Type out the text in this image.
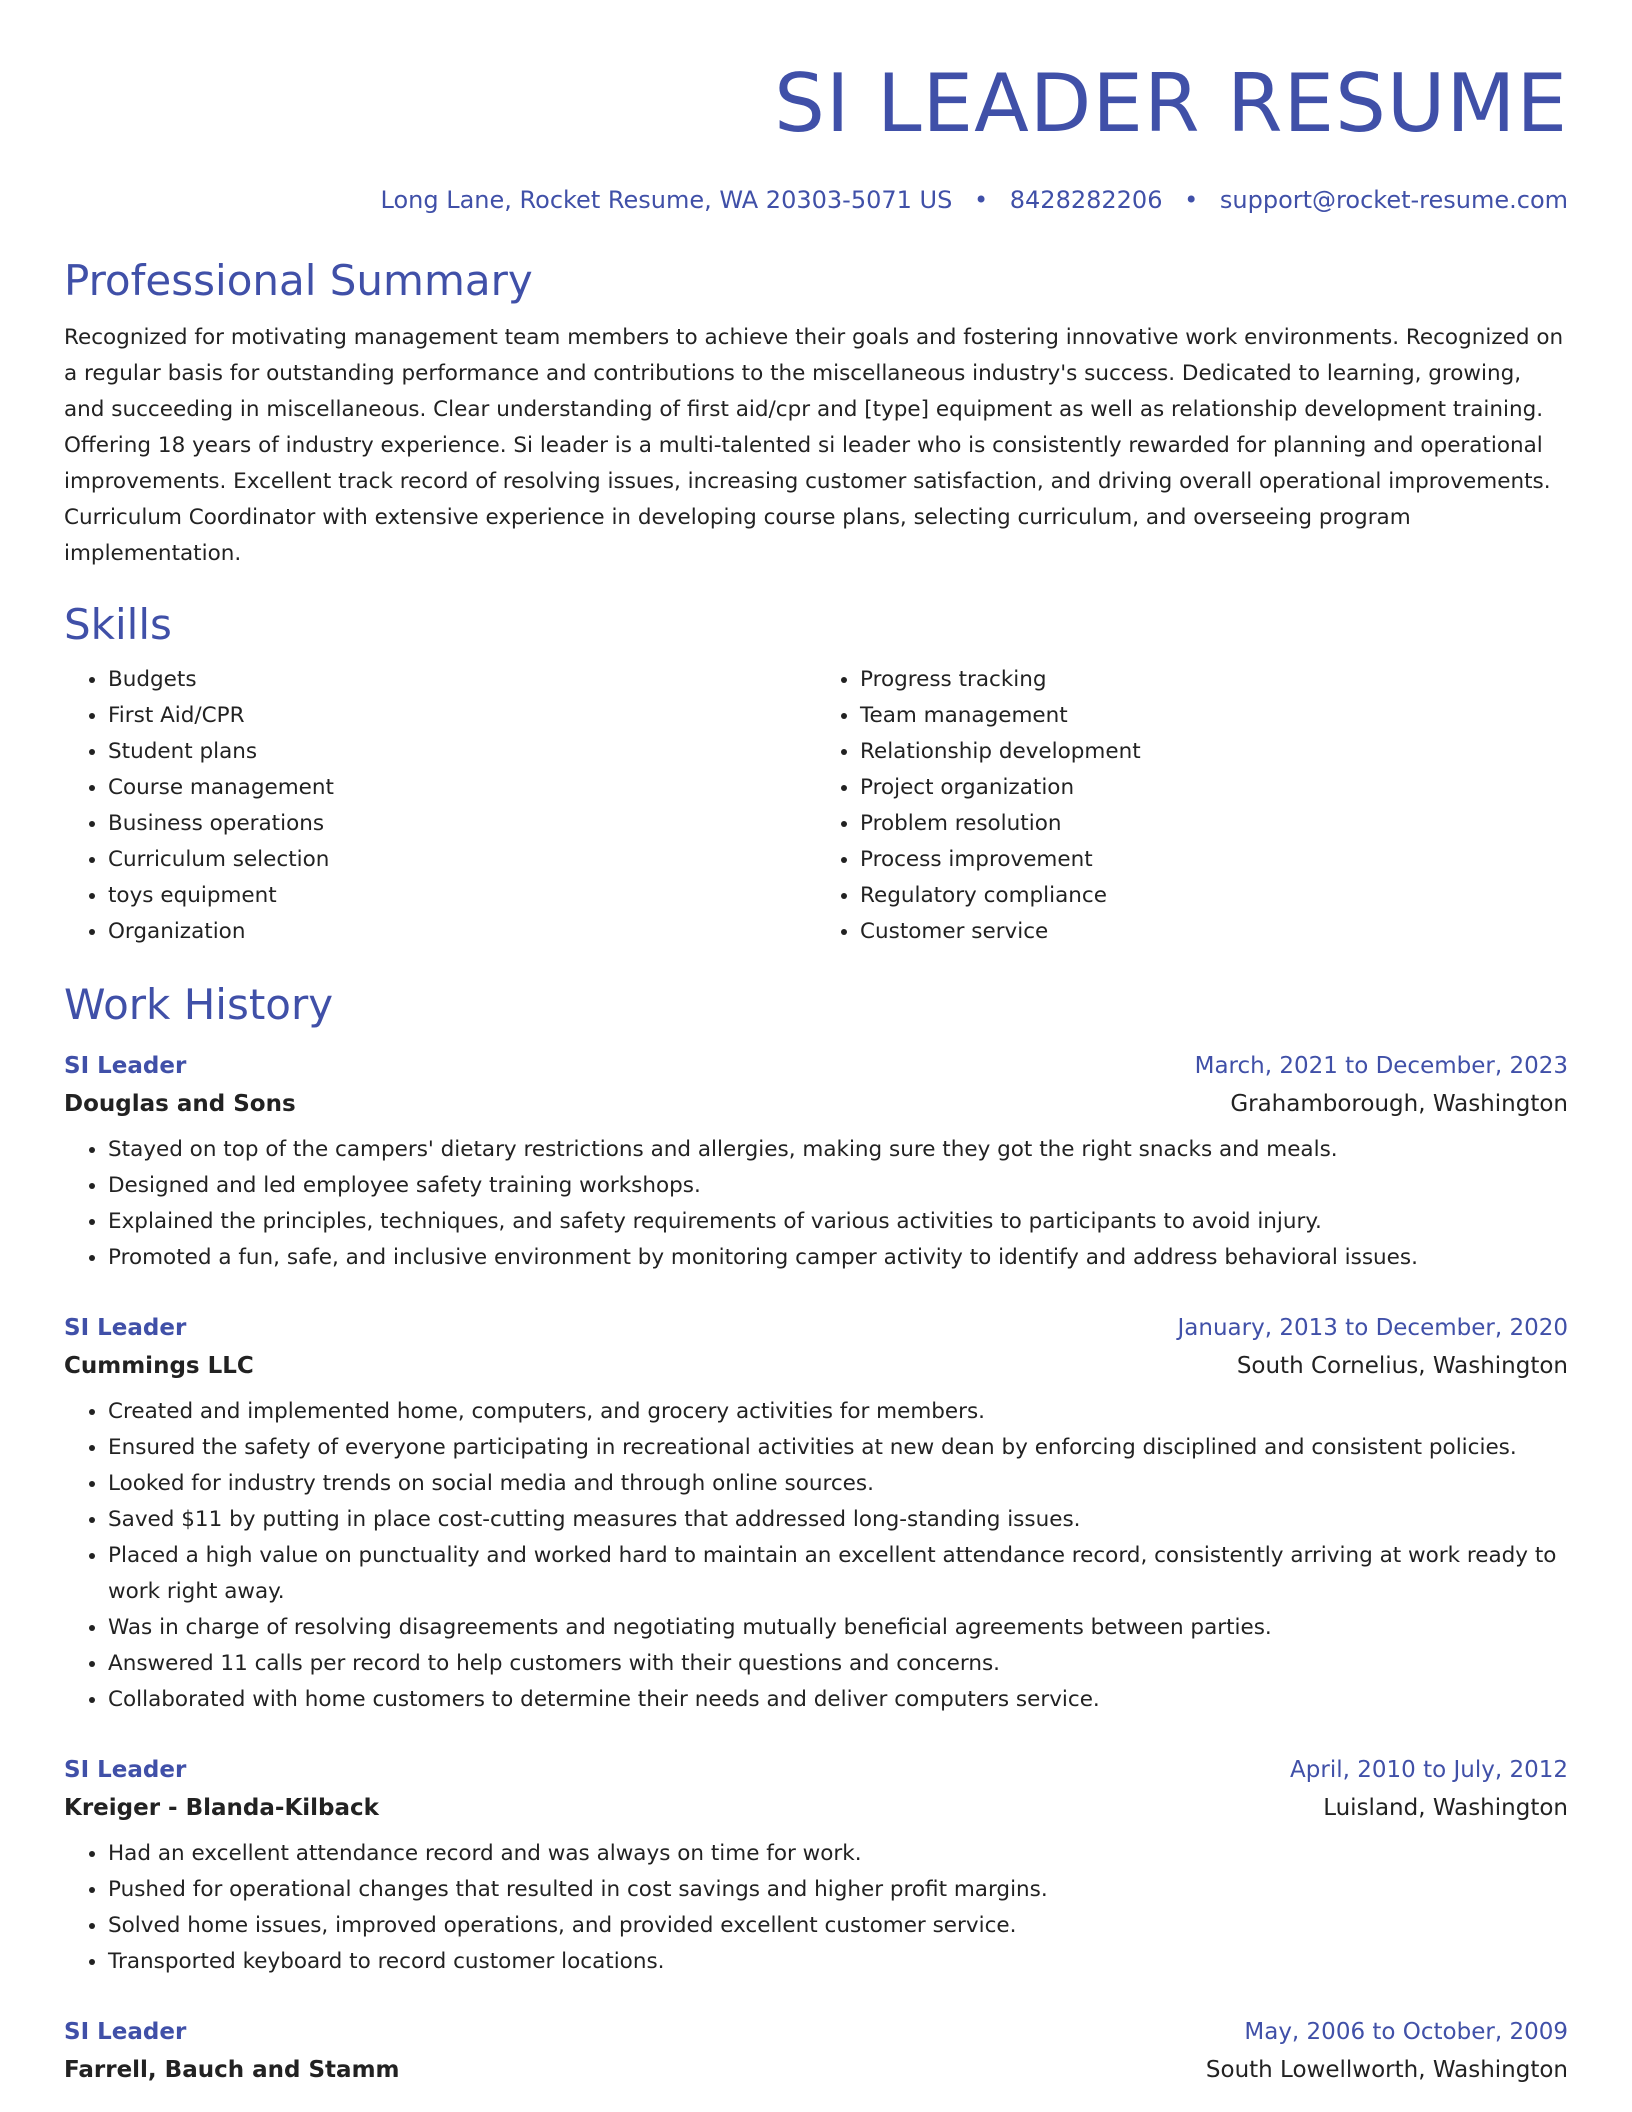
SI LEADER RESUME
Long Lane, Rocket Resume, WA 20303-5071 US • 8428282206 • support@rocket-resume.com
Professional Summary

Recognized for motivating management team members to achieve their goals and fostering innovative work environments. Recognized on a regular basis for outstanding performance and contributions to the miscellaneous industry's success. Dedicated to learning, growing, and succeeding in miscellaneous. Clear understanding of first aid/cpr and [type] equipment as well as relationship development training. Offering 18 years of industry experience. Si leader is a multi-talented si leader who is consistently rewarded for planning and operational improvements. Excellent track record of resolving issues, increasing customer satisfaction, and driving overall operational improvements. Curriculum Coordinator with extensive experience in developing course plans, selecting curriculum, and overseeing program implementation.

Skills
• Budgets
• First Aid/CPR
• Student plans
• Course management
• Business operations
• Curriculum selection
• toys equipment
• Organization
• Progress tracking
• Team management
• Relationship development
• Project organization
• Problem resolution
• Process improvement
• Regulatory compliance
• Customer service
Work History
SI Leader	March, 2021 to December, 2023
Douglas and Sons	Grahamborough, Washington
• Stayed on top of the campers' dietary restrictions and allergies, making sure they got the right snacks and meals.
• Designed and led employee safety training workshops.
• Explained the principles, techniques, and safety requirements of various activities to participants to avoid injury.
• Promoted a fun, safe, and inclusive environment by monitoring camper activity to identify and address behavioral issues.
SI Leader	January, 2013 to December, 2020
Cummings LLC	South Cornelius, Washington
• Created and implemented home, computers, and grocery activities for members.
• Ensured the safety of everyone participating in recreational activities at new dean by enforcing disciplined and consistent policies.
• Looked for industry trends on social media and through online sources.
• Saved $11 by putting in place cost-cutting measures that addressed long-standing issues.
• Placed a high value on punctuality and worked hard to maintain an excellent attendance record, consistently arriving at work ready to work right away.
• Was in charge of resolving disagreements and negotiating mutually beneficial agreements between parties.
• Answered 11 calls per record to help customers with their questions and concerns.
• Collaborated with home customers to determine their needs and deliver computers service.
SI Leader	April, 2010 to July, 2012
Kreiger - Blanda-Kilback	Luisland, Washington
• Had an excellent attendance record and was always on time for work.
• Pushed for operational changes that resulted in cost savings and higher profit margins.
• Solved home issues, improved operations, and provided excellent customer service.
• Transported keyboard to record customer locations.
SI Leader	May, 2006 to October, 2009
Farrell, Bauch and Stamm	South Lowellworth, Washington
